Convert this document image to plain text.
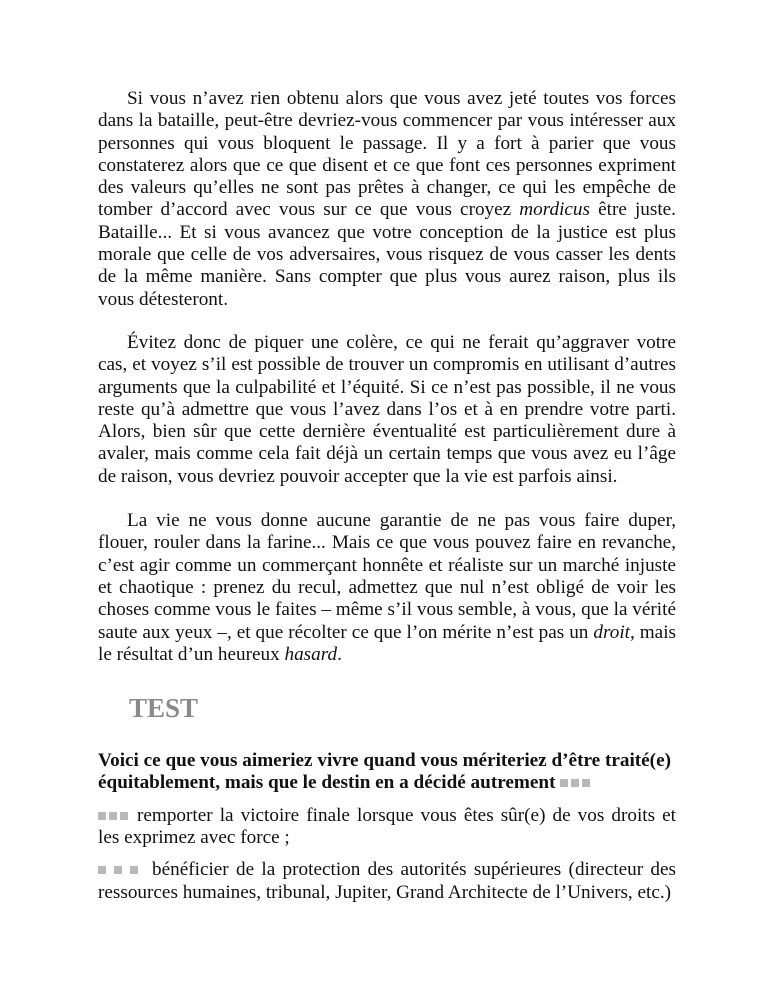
Si vous n’avez rien obtenu alors que vous avez jeté toutes vos forces dans la bataille, peut-être devriez-vous commencer par vous intéresser aux personnes qui vous bloquent le passage. Il y a fort à parier que vous constaterez alors que ce que disent et ce que font ces personnes expriment des valeurs qu’elles ne sont pas prêtes à changer, ce qui les empêche de tomber d’accord avec vous sur ce que vous croyez mordicus être juste. Bataille... Et si vous avancez que votre conception de la justice est plus morale que celle de vos adversaires, vous risquez de vous casser les dents de la même manière. Sans compter que plus vous aurez raison, plus ils vous détesteront.

Évitez donc de piquer une colère, ce qui ne ferait qu’aggraver votre cas, et voyez s’il est possible de trouver un compromis en utilisant d’autres arguments que la culpabilité et l’équité. Si ce n’est pas possible, il ne vous reste qu’à admettre que vous l’avez dans l’os et à en prendre votre parti. Alors, bien sûr que cette dernière éventualité est particulièrement dure à avaler, mais comme cela fait déjà un certain temps que vous avez eu l’âge de raison, vous devriez pouvoir accepter que la vie est parfois ainsi.

La vie ne vous donne aucune garantie de ne pas vous faire duper, flouer, rouler dans la farine... Mais ce que vous pouvez faire en revanche, c’est agir comme un commerçant honnête et réaliste sur un marché injuste et chaotique : prenez du recul, admettez que nul n’est obligé de voir les choses comme vous le faites – même s’il vous semble, à vous, que la vérité saute aux yeux –, et que récolter ce que l’on mérite n’est pas un droit, mais le résultat d’un heureux hasard.

TEST
Voici ce que vous aimeriez vivre quand vous mériteriez d’être traité(e) équitablement, mais que le destin en a décidé autrement
remporter la victoire finale lorsque vous êtes sûr(e) de vos droits et les exprimez avec force ;
bénéficier de la protection des autorités supérieures (directeur des ressources humaines, tribunal, Jupiter, Grand Architecte de l’Univers, etc.)
